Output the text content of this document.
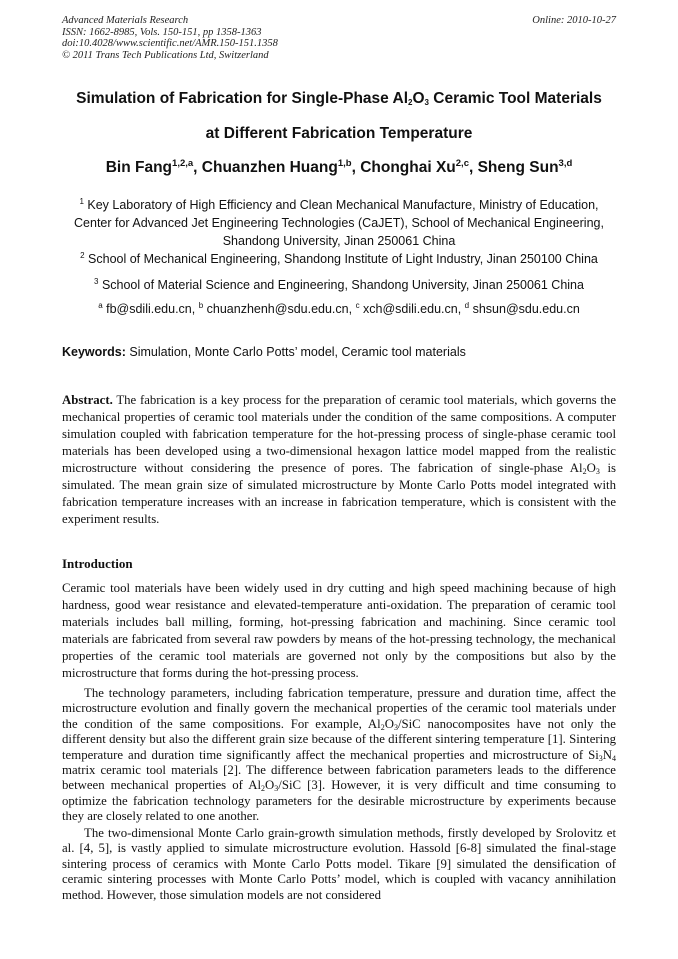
Advanced Materials Research
ISSN: 1662-8985, Vols. 150-151, pp 1358-1363
doi:10.4028/www.scientific.net/AMR.150-151.1358
© 2011 Trans Tech Publications Ltd, Switzerland
Online: 2010-10-27
Simulation of Fabrication for Single-Phase $Al_2O_3$ Ceramic Tool Materials
at Different Fabrication Temperature
Bin Fang$^{1,2,a}$, Chuanzhen Huang$^{1,b}$, Chonghai Xu$^{2,c}$, Sheng Sun$^{3,d}$
$^1$ Key Laboratory of High Efficiency and Clean Mechanical Manufacture, Ministry of Education,
Center for Advanced Jet Engineering Technologies (CaJET), School of Mechanical Engineering,
Shandong University, Jinan 250061 China
$^2$ School of Mechanical Engineering, Shandong Institute of Light Industry, Jinan 250100 China
$^3$ School of Material Science and Engineering, Shandong University, Jinan 250061 China
$^a$ fb@sdili.edu.cn, $^b$ chuanzhenh@sdu.edu.cn, $^c$ xch@sdili.edu.cn, $^d$ shsun@sdu.edu.cn
Keywords: Simulation, Monte Carlo Potts’ model, Ceramic tool materials
Abstract. The fabrication is a key process for the preparation of ceramic tool materials, which governs the mechanical properties of ceramic tool materials under the condition of the same compositions. A computer simulation coupled with fabrication temperature for the hot-pressing process of single-phase ceramic tool materials has been developed using a two-dimensional hexagon lattice model mapped from the realistic microstructure without considering the presence of pores. The fabrication of single-phase $Al_2O_3$ is simulated. The mean grain size of simulated microstructure by Monte Carlo Potts model integrated with fabrication temperature increases with an increase in fabrication temperature, which is consistent with the experiment results.
Introduction
Ceramic tool materials have been widely used in dry cutting and high speed machining because of high hardness, good wear resistance and elevated-temperature anti-oxidation. The preparation of ceramic tool materials includes ball milling, forming, hot-pressing fabrication and machining. Since ceramic tool materials are fabricated from several raw powders by means of the hot-pressing technology, the mechanical properties of the ceramic tool materials are governed not only by the compositions but also by the microstructure that forms during the hot-pressing process.
The technology parameters, including fabrication temperature, pressure and duration time, affect the microstructure evolution and finally govern the mechanical properties of the ceramic tool materials under the condition of the same compositions. For example, $Al_2O_3$/SiC nanocomposites have not only the different density but also the different grain size because of the different sintering temperature [1]. Sintering temperature and duration time significantly affect the mechanical properties and microstructure of $Si_3N_4$ matrix ceramic tool materials [2]. The difference between fabrication parameters leads to the difference between mechanical properties of $Al_2O_3$/SiC [3]. However, it is very difficult and time consuming to optimize the fabrication technology parameters for the desirable microstructure by experiments because they are closely related to one another.
The two-dimensional Monte Carlo grain-growth simulation methods, firstly developed by Srolovitz et al. [4, 5], is vastly applied to simulate microstructure evolution. Hassold [6-8] simulated the final-stage sintering process of ceramics with Monte Carlo Potts model. Tikare [9] simulated the densification of ceramic sintering processes with Monte Carlo Potts’ model, which is coupled with vacancy annihilation method. However, those simulation models are not considered
